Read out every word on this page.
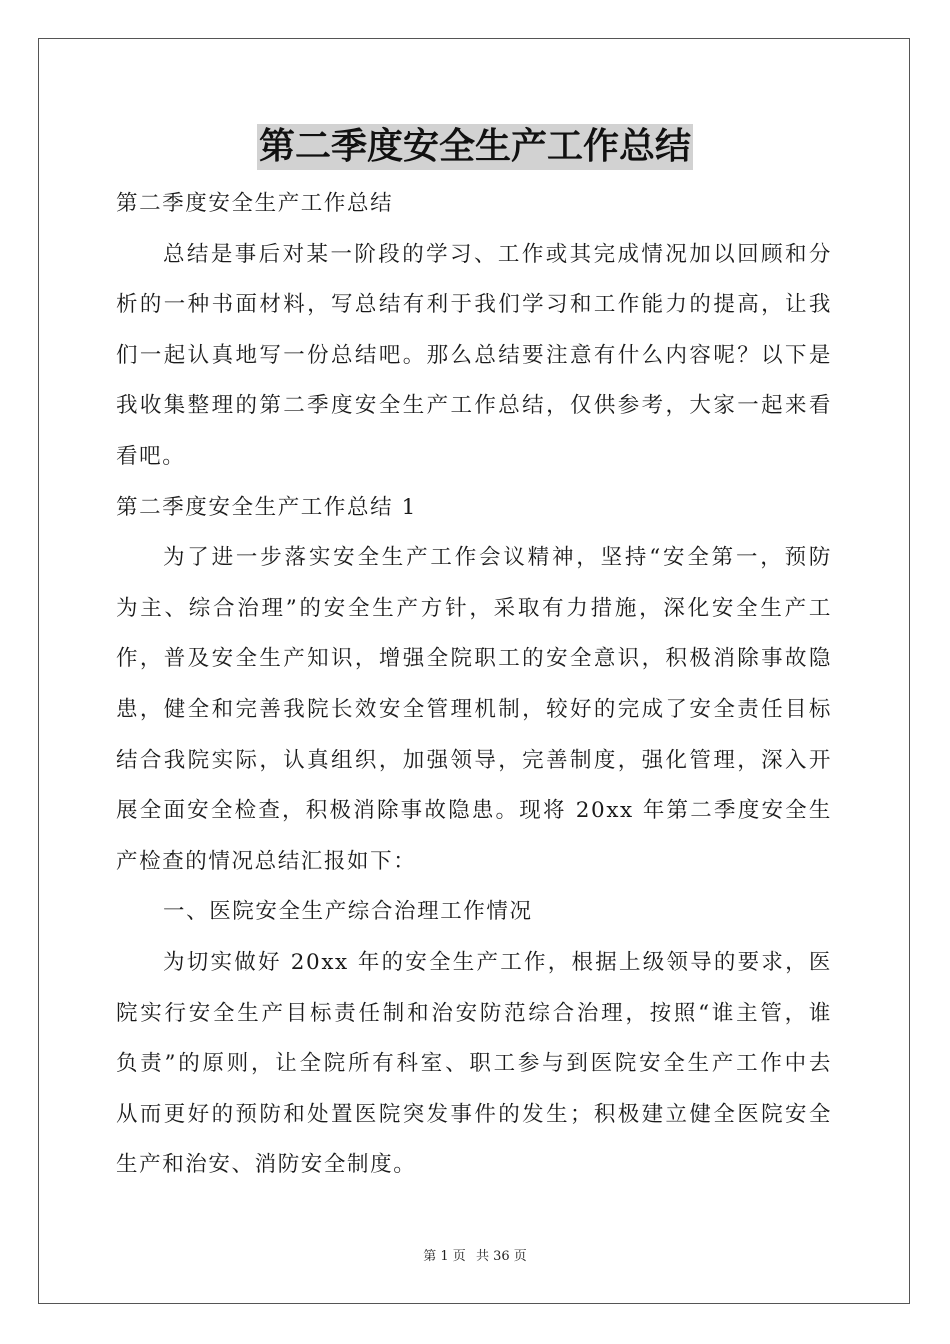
第二季度安全生产工作总结
第二季度安全生产工作总结
总结是事后对某一阶段的学习、工作或其完成情况加以回顾和分
析的一种书面材料，写总结有利于我们学习和工作能力的提高，让我
们一起认真地写一份总结吧。那么总结要注意有什么内容呢？以下是
我收集整理的第二季度安全生产工作总结，仅供参考，大家一起来看
看吧。
第二季度安全生产工作总结 1
为了进一步落实安全生产工作会议精神，坚持“安全第一，预防
为主、综合治理”的安全生产方针，采取有力措施，深化安全生产工
作，普及安全生产知识，增强全院职工的安全意识，积极消除事故隐
患，健全和完善我院长效安全管理机制，较好的完成了安全责任目标
结合我院实际，认真组织，加强领导，完善制度，强化管理，深入开
展全面安全检查，积极消除事故隐患。现将 20xx 年第二季度安全生
产检查的情况总结汇报如下：
一、医院安全生产综合治理工作情况
为切实做好 20xx 年的安全生产工作，根据上级领导的要求，医
院实行安全生产目标责任制和治安防范综合治理，按照“谁主管，谁
负责”的原则，让全院所有科室、职工参与到医院安全生产工作中去
从而更好的预防和处置医院突发事件的发生；积极建立健全医院安全
生产和治安、消防安全制度。
第 1 页 共 36 页
